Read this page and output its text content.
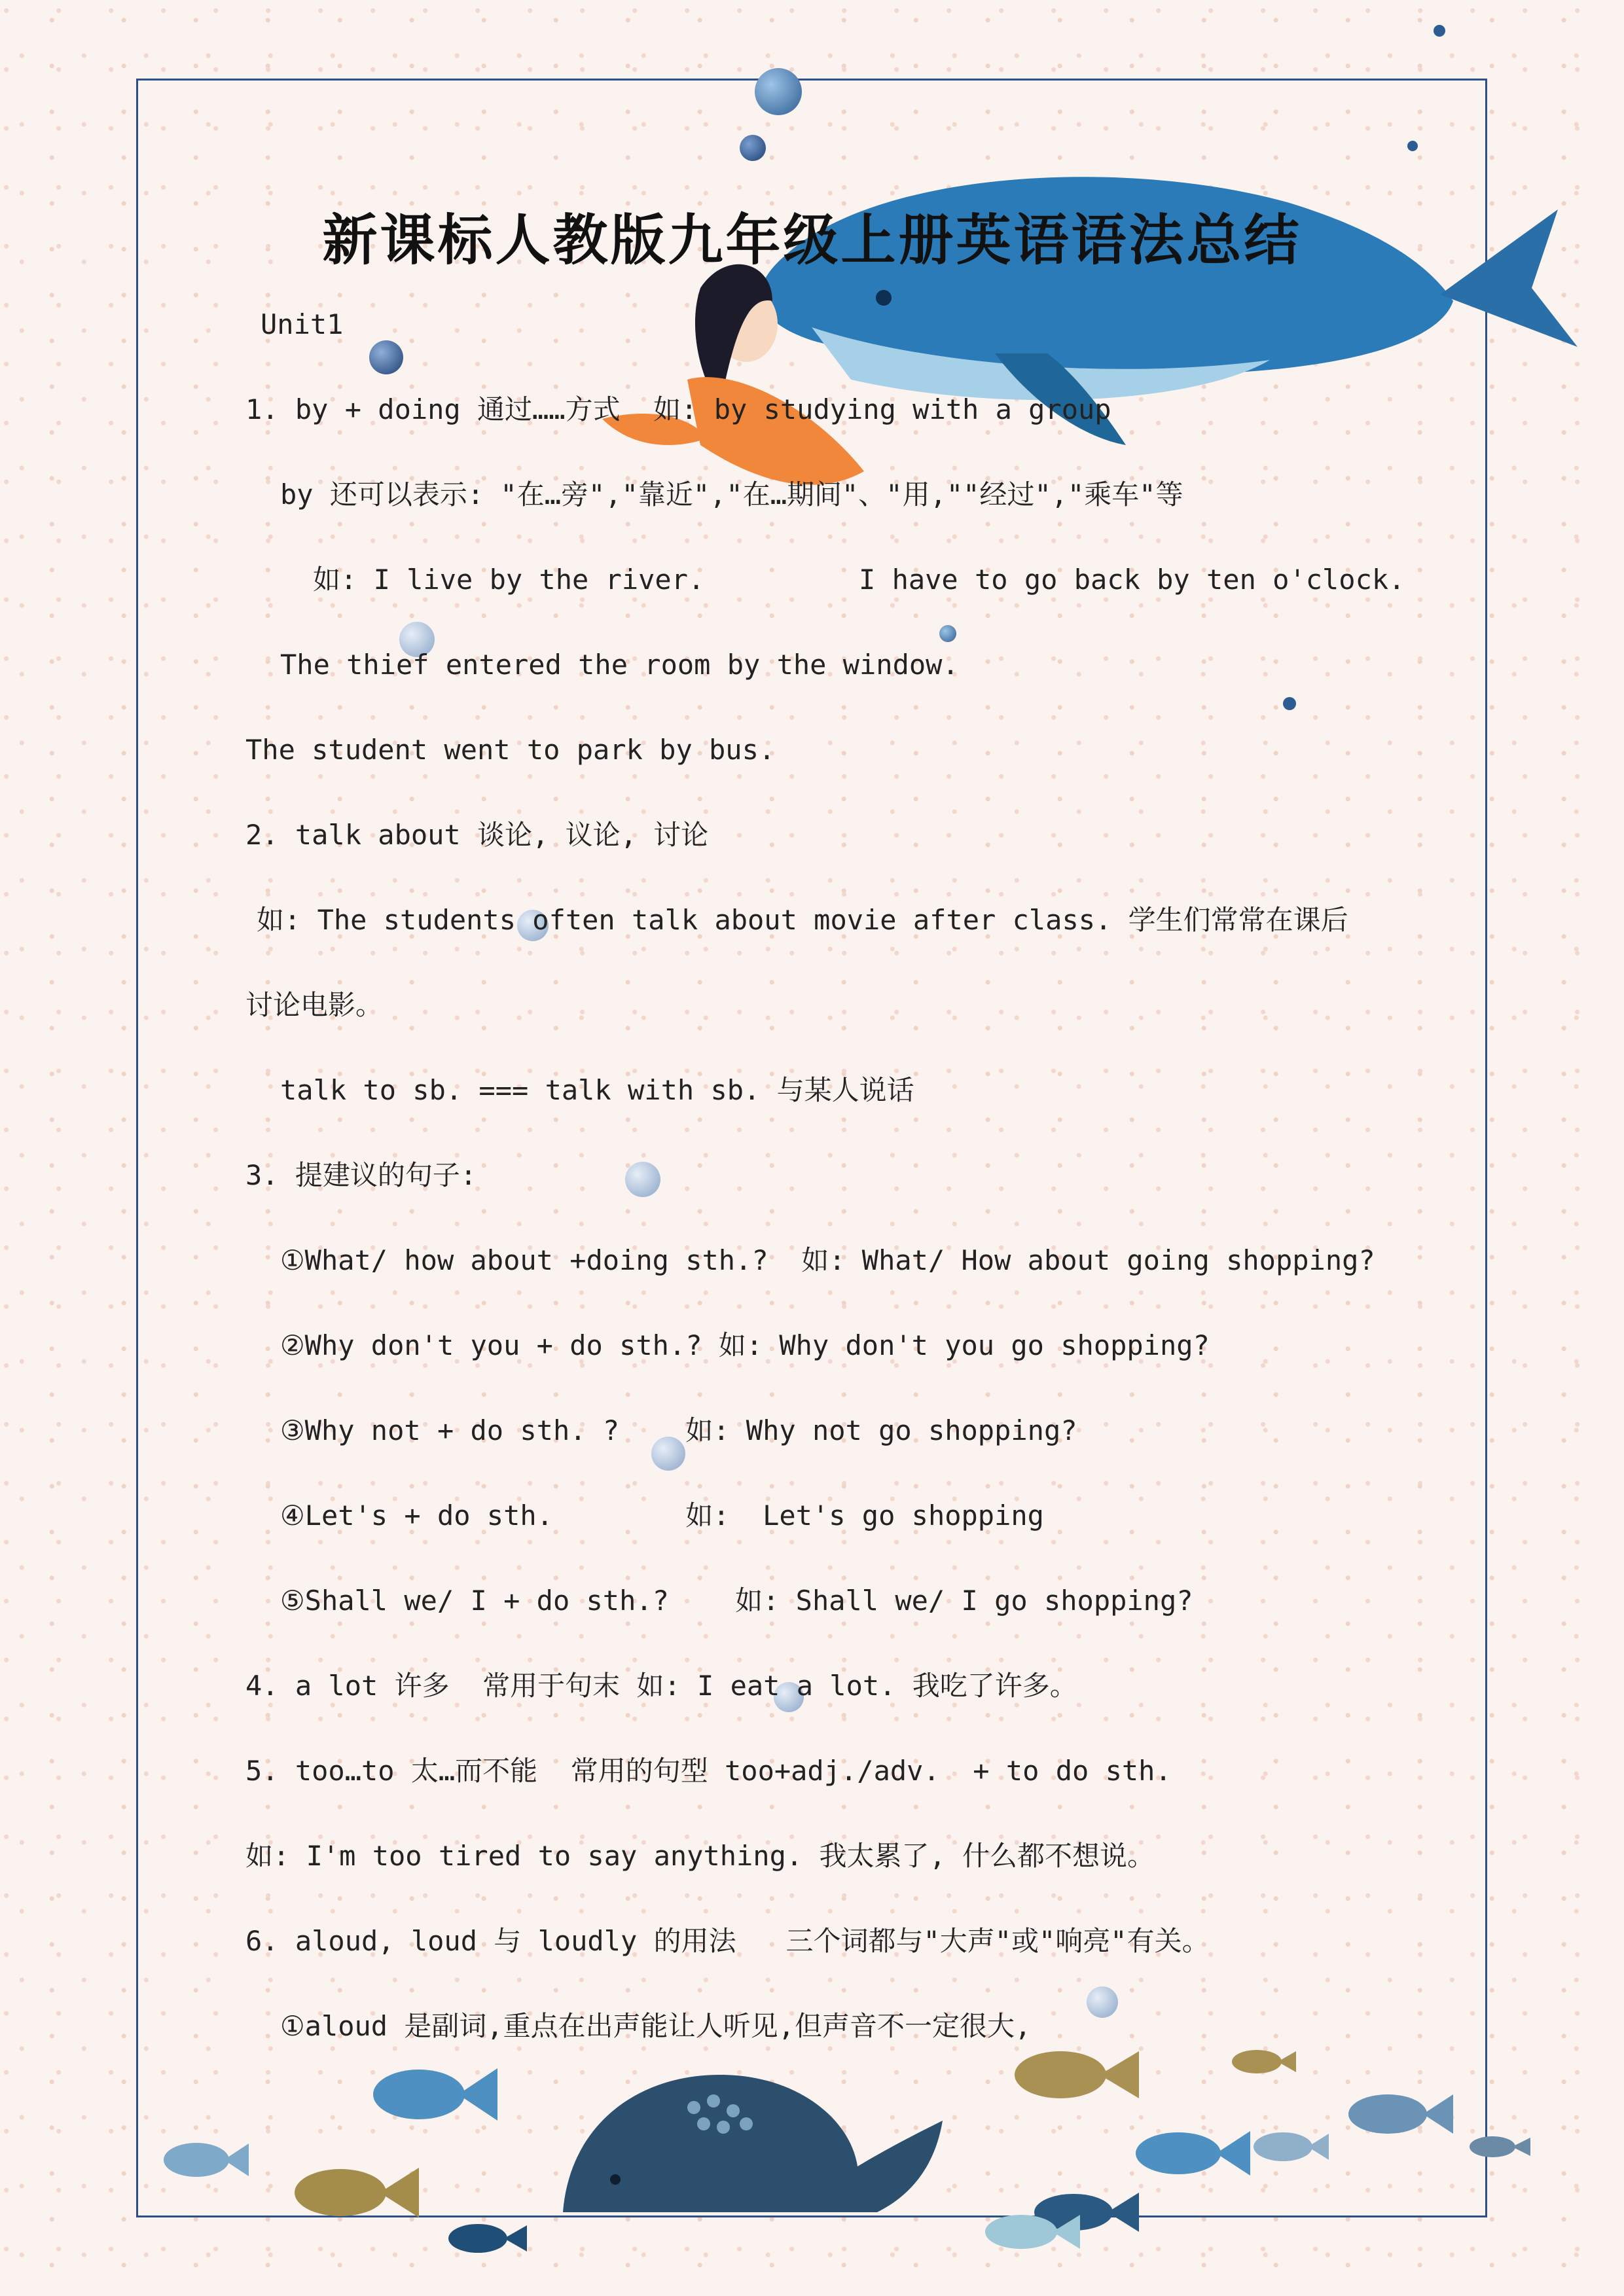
新课标人教版九年级上册英语语法总结
Unit1
1. by + doing 通过……方式  如: by studying with a group
by 还可以表示: "在…旁","靠近","在…期间"、"用,""经过","乘车"等
如: I live by the river.	I have to go back by ten o'clock.
The thief entered the room by the window.
The student went to park by bus.
2. talk about 谈论, 议论, 讨论
如: The students often talk about movie after class. 学生们常常在课后
讨论电影。
talk to sb. === talk with sb. 与某人说话
3. 提建议的句子:
①What/ how about +doing sth.?  如: What/ How about going shopping?
②Why don't you + do sth.? 如: Why don't you go shopping?
③Why not + do sth. ?    如: Why not go shopping?
④Let's + do sth.        如:  Let's go shopping
⑤Shall we/ I + do sth.?    如: Shall we/ I go shopping?
4. a lot 许多  常用于句末 如: I eat a lot. 我吃了许多。
5. too…to 太…而不能  常用的句型 too+adj./adv.  + to do sth.
如: I'm too tired to say anything. 我太累了, 什么都不想说。
6. aloud, loud 与 loudly 的用法   三个词都与"大声"或"响亮"有关。
①aloud 是副词,重点在出声能让人听见,但声音不一定很大,
